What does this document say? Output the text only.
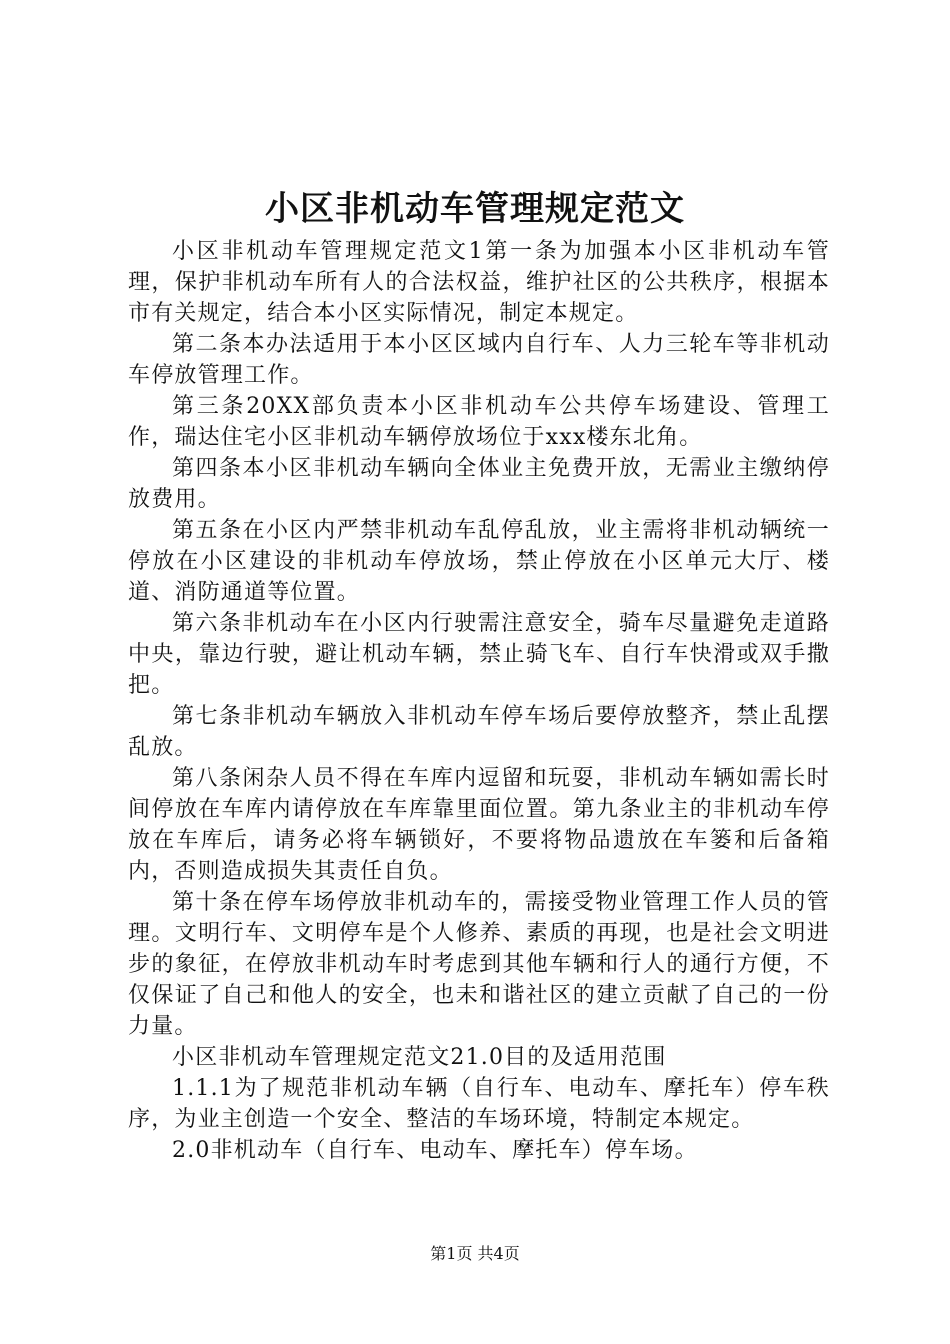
小区非机动车管理规定范文

小区非机动车管理规定范文1第一条为加强本小区非机动车管理，保护非机动车所有人的合法权益，维护社区的公共秩序，根据本市有关规定，结合本小区实际情况，制定本规定。

第二条本办法适用于本小区区域内自行车、人力三轮车等非机动车停放管理工作。

第三条20XX部负责本小区非机动车公共停车场建设、管理工作，瑞达住宅小区非机动车辆停放场位于xxx楼东北角。

第四条本小区非机动车辆向全体业主免费开放，无需业主缴纳停放费用。

第五条在小区内严禁非机动车乱停乱放，业主需将非机动辆统一停放在小区建设的非机动车停放场，禁止停放在小区单元大厅、楼道、消防通道等位置。

第六条非机动车在小区内行驶需注意安全，骑车尽量避免走道路中央，靠边行驶，避让机动车辆，禁止骑飞车、自行车快滑或双手撒把。

第七条非机动车辆放入非机动车停车场后要停放整齐，禁止乱摆乱放。

第八条闲杂人员不得在车库内逗留和玩耍，非机动车辆如需长时间停放在车库内请停放在车库靠里面位置。第九条业主的非机动车停放在车库后，请务必将车辆锁好，不要将物品遗放在车篓和后备箱内，否则造成损失其责任自负。

第十条在停车场停放非机动车的，需接受物业管理工作人员的管理。文明行车、文明停车是个人修养、素质的再现，也是社会文明进步的象征，在停放非机动车时考虑到其他车辆和行人的通行方便，不仅保证了自己和他人的安全，也未和谐社区的建立贡献了自己的一份力量。

小区非机动车管理规定范文21.0目的及适用范围

1.1.1为了规范非机动车辆（自行车、电动车、摩托车）停车秩序，为业主创造一个安全、整洁的车场环境，特制定本规定。

2.0非机动车（自行车、电动车、摩托车）停车场。

第1页 共4页
